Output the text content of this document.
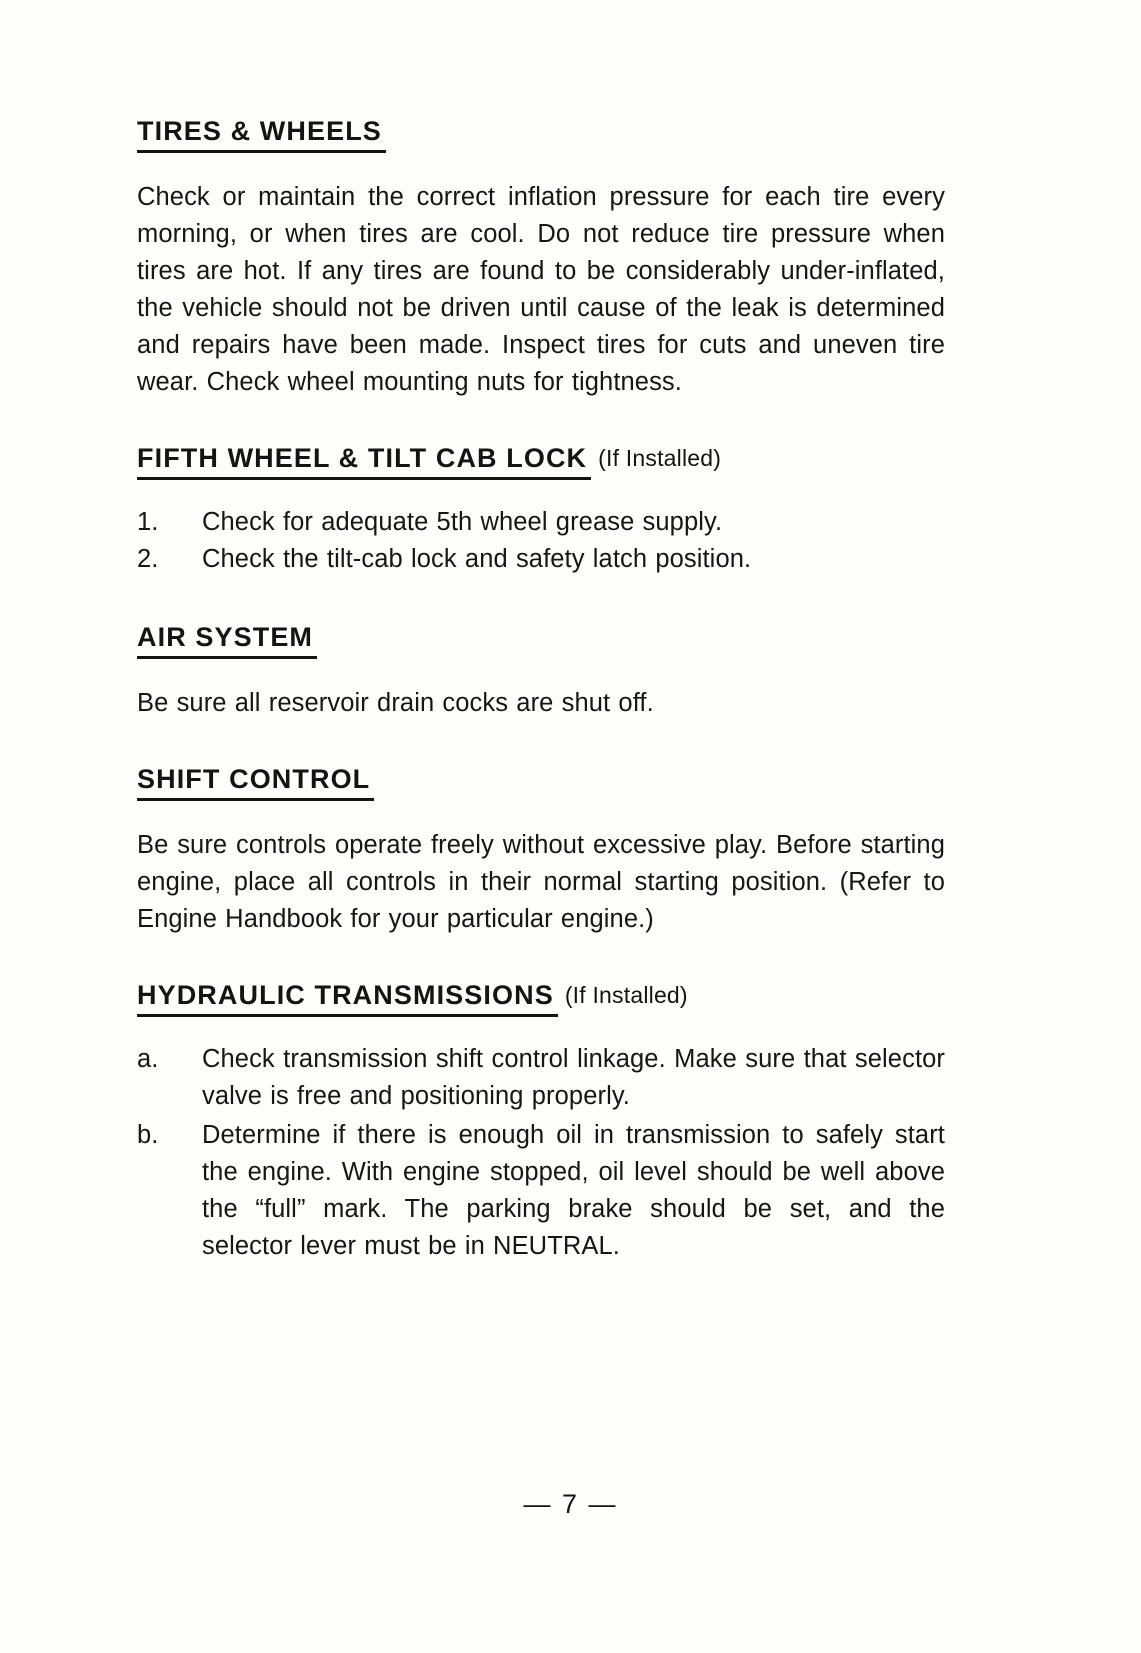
TIRES & WHEELS

Check or maintain the correct inflation pressure for each tire every morning, or when tires are cool. Do not reduce tire pressure when tires are hot. If any tires are found to be considerably under-inflated, the vehicle should not be driven until cause of the leak is determined and repairs have been made. Inspect tires for cuts and uneven tire wear. Check wheel mounting nuts for tightness.

FIFTH WHEEL & TILT CAB LOCK (If Installed)
1.	Check for adequate 5th wheel grease supply.
2.	Check the tilt-cab lock and safety latch position.
AIR SYSTEM

Be sure all reservoir drain cocks are shut off.

SHIFT CONTROL

Be sure controls operate freely without excessive play. Before starting engine, place all controls in their normal starting position. (Refer to Engine Handbook for your particular engine.)

HYDRAULIC TRANSMISSIONS (If Installed)
a.	Check transmission shift control linkage. Make sure that selector valve is free and positioning properly.
b.	Determine if there is enough oil in transmission to safely start the engine. With engine stopped, oil level should be well above the “full” mark. The parking brake should be set, and the selector lever must be in NEUTRAL.
— 7 —
